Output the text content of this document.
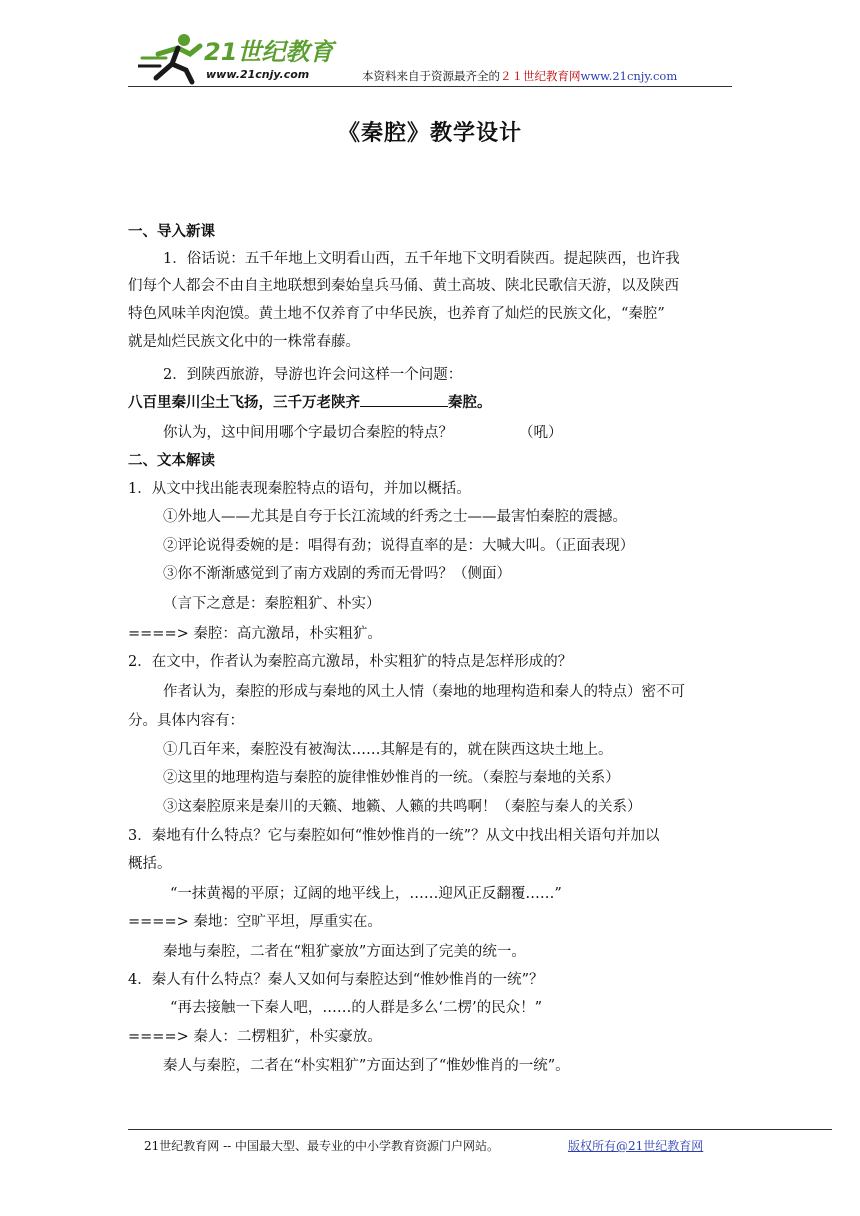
21世纪教育
www.21cnjy.com	本资料来自于资源最齐全的２１世纪教育网www.21cnjy.com
《秦腔》教学设计
一、导入新课
1．俗话说：五千年地上文明看山西，五千年地下文明看陕西。提起陕西，也许我
们每个人都会不由自主地联想到秦始皇兵马俑、黄土高坡、陕北民歌信天游，以及陕西
特色风味羊肉泡馍。黄土地不仅养育了中华民族，也养育了灿烂的民族文化，“秦腔”
就是灿烂民族文化中的一株常春藤。
2．到陕西旅游，导游也许会问这样一个问题：
八百里秦川尘土飞扬，三千万老陕齐	秦腔。
你认为，这中间用哪个字最切合秦腔的特点？	（吼）
二、文本解读
1．从文中找出能表现秦腔特点的语句，并加以概括。
①外地人——尤其是自夸于长江流域的纤秀之士——最害怕秦腔的震撼。
②评论说得委婉的是：唱得有劲；说得直率的是：大喊大叫。（正面表现）
③你不渐渐感觉到了南方戏剧的秀而无骨吗？（侧面）
（言下之意是：秦腔粗犷、朴实）
====> 秦腔：高亢激昂，朴实粗犷。
2．在文中，作者认为秦腔高亢激昂，朴实粗犷的特点是怎样形成的？
作者认为，秦腔的形成与秦地的风土人情（秦地的地理构造和秦人的特点）密不可
分。具体内容有：
①几百年来，秦腔没有被淘汰……其解是有的，就在陕西这块土地上。
②这里的地理构造与秦腔的旋律惟妙惟肖的一统。（秦腔与秦地的关系）
③这秦腔原来是秦川的天籁、地籁、人籁的共鸣啊！（秦腔与秦人的关系）
3．秦地有什么特点？它与秦腔如何“惟妙惟肖的一统”？从文中找出相关语句并加以
概括。
“一抹黄褐的平原；辽阔的地平线上，……迎风正反翻覆……”
====> 秦地：空旷平坦，厚重实在。
秦地与秦腔，二者在“粗犷豪放”方面达到了完美的统一。
4．秦人有什么特点？秦人又如何与秦腔达到“惟妙惟肖的一统”？
“再去接触一下秦人吧，……的人群是多么‘二楞’的民众！”
====> 秦人：二楞粗犷，朴实豪放。
秦人与秦腔，二者在“朴实粗犷”方面达到了“惟妙惟肖的一统”。
21世纪教育网 -- 中国最大型、最专业的中小学教育资源门户网站。	版权所有@21世纪教育网
